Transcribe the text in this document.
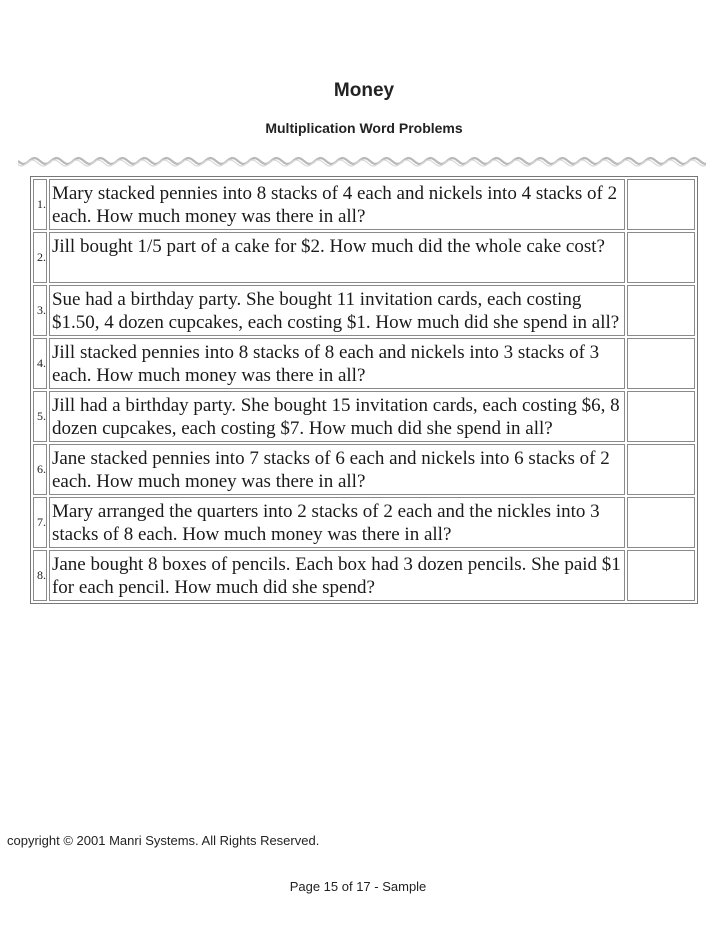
Money
Multiplication Word Problems
1.	Mary stacked pennies into 8 stacks of 4 each and nickels into 4 stacks of 2 each. How much money was there in all?	
2.	Jill bought 1/5 part of a cake for $2. How much did the whole cake cost?	
3.	Sue had a birthday party. She bought 11 invitation cards, each costing $1.50, 4 dozen cupcakes, each costing $1. How much did she spend in all?	
4.	Jill stacked pennies into 8 stacks of 8 each and nickels into 3 stacks of 3 each. How much money was there in all?	
5.	Jill had a birthday party. She bought 15 invitation cards, each costing $6, 8 dozen cupcakes, each costing $7. How much did she spend in all?	
6.	Jane stacked pennies into 7 stacks of 6 each and nickels into 6 stacks of 2 each. How much money was there in all?	
7.	Mary arranged the quarters into 2 stacks of 2 each and the nickles into 3 stacks of 8 each. How much money was there in all?	
8.	Jane bought 8 boxes of pencils. Each box had 3 dozen pencils. She paid $1 for each pencil. How much did she spend?	
copyright © 2001 Manri Systems. All Rights Reserved.
Page 15 of 17 - Sample
